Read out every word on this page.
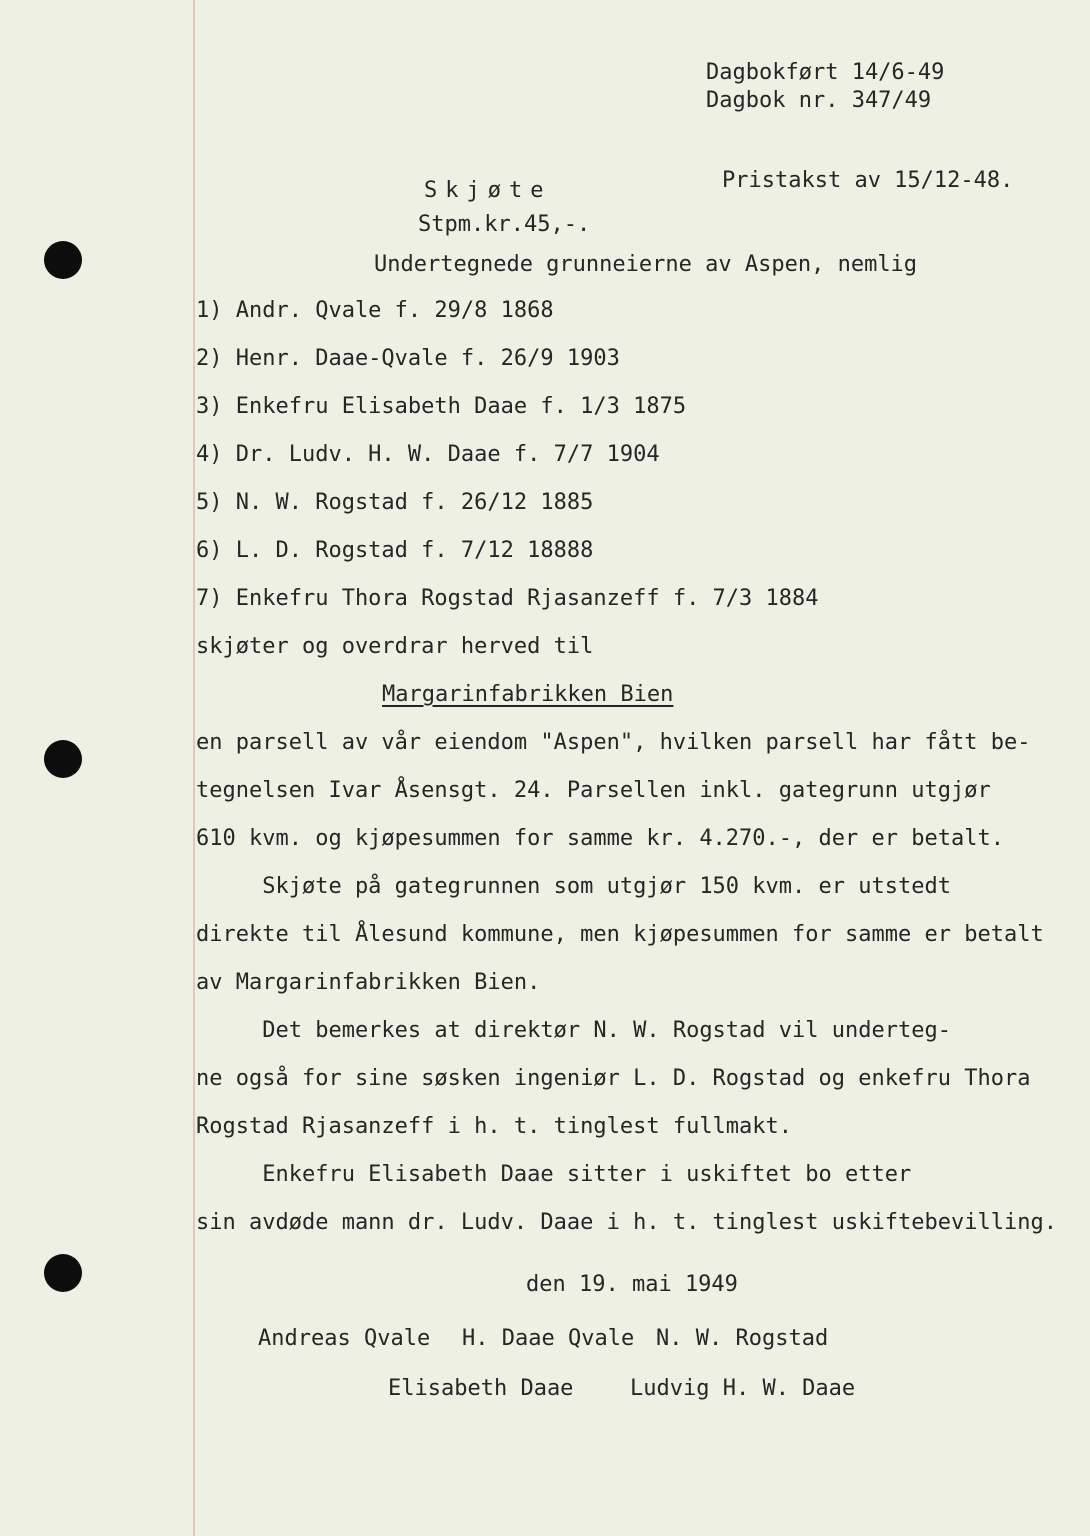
Dagbokført 14/6-49
Dagbok nr. 347/49
Pristakst av 15/12-48.
Skjøte
Stpm.kr.45,-.
Undertegnede grunneierne av Aspen, nemlig
1) Andr. Qvale f. 29/8 1868
2) Henr. Daae-Qvale f. 26/9 1903
3) Enkefru Elisabeth Daae f. 1/3 1875
4) Dr. Ludv. H. W. Daae f. 7/7 1904
5) N. W. Rogstad f. 26/12 1885
6) L. D. Rogstad f. 7/12 18888
7) Enkefru Thora Rogstad Rjasanzeff f. 7/3 1884
skjøter og overdrar herved til
Margarinfabrikken Bien
en parsell av vår eiendom "Aspen", hvilken parsell har fått be-
tegnelsen Ivar Åsensgt. 24. Parsellen inkl. gategrunn utgjør
610 kvm. og kjøpesummen for samme kr. 4.270.-, der er betalt.
Skjøte på gategrunnen som utgjør 150 kvm. er utstedt
direkte til Ålesund kommune, men kjøpesummen for samme er betalt
av Margarinfabrikken Bien.
Det bemerkes at direktør N. W. Rogstad vil underteg-
ne også for sine søsken ingeniør L. D. Rogstad og enkefru Thora
Rogstad Rjasanzeff i h. t. tinglest fullmakt.
Enkefru Elisabeth Daae sitter i uskiftet bo etter
sin avdøde mann dr. Ludv. Daae i h. t. tinglest uskiftebevilling.
den 19. mai 1949
Andreas Qvale H. Daae Qvale N. W. Rogstad
Elisabeth Daae	Ludvig H. W. Daae
